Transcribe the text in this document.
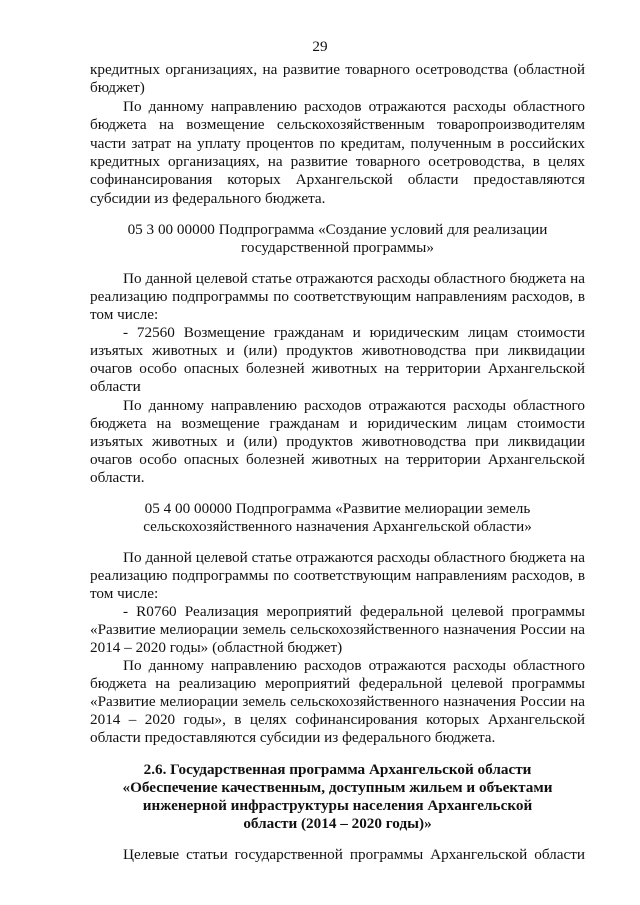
29
кредитных организациях, на развитие товарного осетроводства (областной
бюджет)
По данному направлению расходов отражаются расходы областного
бюджета на возмещение сельскохозяйственным товаропроизводителям
части затрат на уплату процентов по кредитам, полученным в российских
кредитных организациях, на развитие товарного осетроводства, в целях
софинансирования которых Архангельской области предоставляются
субсидии из федерального бюджета.
05 3 00 00000 Подпрограмма «Создание условий для реализации
государственной программы»
По данной целевой статье отражаются расходы областного бюджета на
реализацию подпрограммы по соответствующим направлениям расходов, в
том числе:
- 72560 Возмещение гражданам и юридическим лицам стоимости
изъятых животных и (или) продуктов животноводства при ликвидации
очагов особо опасных болезней животных на территории Архангельской
области
По данному направлению расходов отражаются расходы областного
бюджета на возмещение гражданам и юридическим лицам стоимости
изъятых животных и (или) продуктов животноводства при ликвидации
очагов особо опасных болезней животных на территории Архангельской
области.
05 4 00 00000 Подпрограмма «Развитие мелиорации земель
сельскохозяйственного назначения Архангельской области»
По данной целевой статье отражаются расходы областного бюджета на
реализацию подпрограммы по соответствующим направлениям расходов, в
том числе:
- R0760 Реализация мероприятий федеральной целевой программы
«Развитие мелиорации земель сельскохозяйственного назначения России на
2014 – 2020 годы» (областной бюджет)
По данному направлению расходов отражаются расходы областного
бюджета на реализацию мероприятий федеральной целевой программы
«Развитие мелиорации земель сельскохозяйственного назначения России на
2014 – 2020 годы», в целях софинансирования которых Архангельской
области предоставляются субсидии из федерального бюджета.
2.6. Государственная программа Архангельской области
«Обеспечение качественным, доступным жильем и объектами
инженерной инфраструктуры населения Архангельской
области (2014 – 2020 годы)»
Целевые статьи государственной программы Архангельской области
